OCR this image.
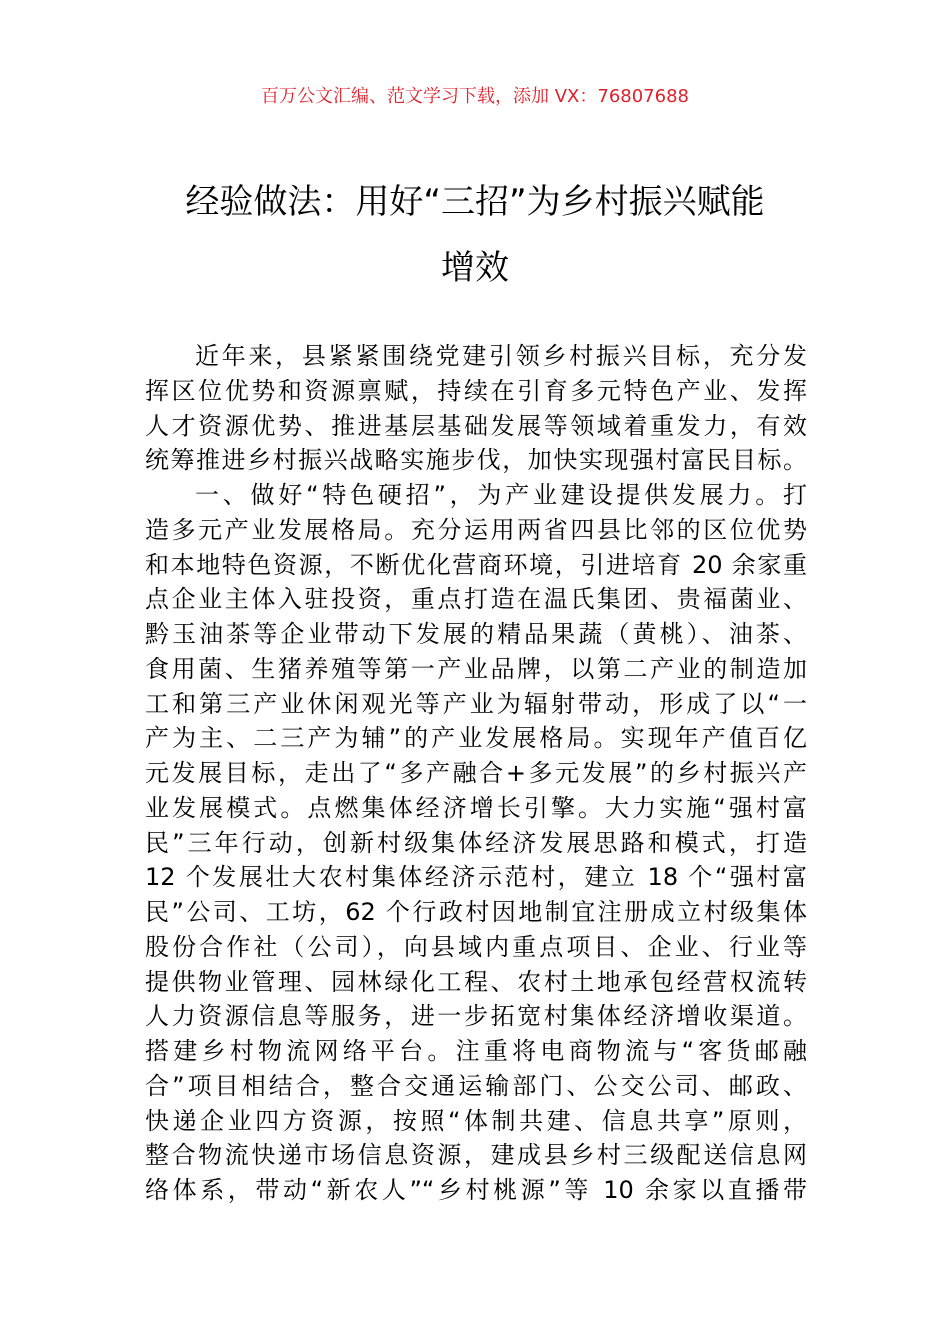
百万公文汇编、范文学习下载，添加 VX：76807688
经验做法：用好“三招”为乡村振兴赋能
增效
近年来，县紧紧围绕党建引领乡村振兴目标，充分发
挥区位优势和资源禀赋，持续在引育多元特色产业、发挥
人才资源优势、推进基层基础发展等领域着重发力，有效
统筹推进乡村振兴战略实施步伐，加快实现强村富民目标。
一、做好“特色硬招”，为产业建设提供发展力。打
造多元产业发展格局。充分运用两省四县比邻的区位优势
和本地特色资源，不断优化营商环境，引进培育 20 余家重
点企业主体入驻投资，重点打造在温氏集团、贵福菌业、
黔玉油茶等企业带动下发展的精品果蔬（黄桃）、油茶、
食用菌、生猪养殖等第一产业品牌，以第二产业的制造加
工和第三产业休闲观光等产业为辐射带动，形成了以“一
产为主、二三产为辅”的产业发展格局。实现年产值百亿
元发展目标，走出了“多产融合+多元发展”的乡村振兴产
业发展模式。点燃集体经济增长引擎。大力实施“强村富
民”三年行动，创新村级集体经济发展思路和模式，打造
12 个发展壮大农村集体经济示范村，建立 18 个“强村富
民”公司、工坊，62 个行政村因地制宜注册成立村级集体
股份合作社（公司），向县域内重点项目、企业、行业等
提供物业管理、园林绿化工程、农村土地承包经营权流转
人力资源信息等服务，进一步拓宽村集体经济增收渠道。
搭建乡村物流网络平台。注重将电商物流与“客货邮融
合”项目相结合，整合交通运输部门、公交公司、邮政、
快递企业四方资源，按照“体制共建、信息共享”原则，
整合物流快递市场信息资源，建成县乡村三级配送信息网
络体系，带动“新农人”“乡村桃源”等 10 余家以直播带
